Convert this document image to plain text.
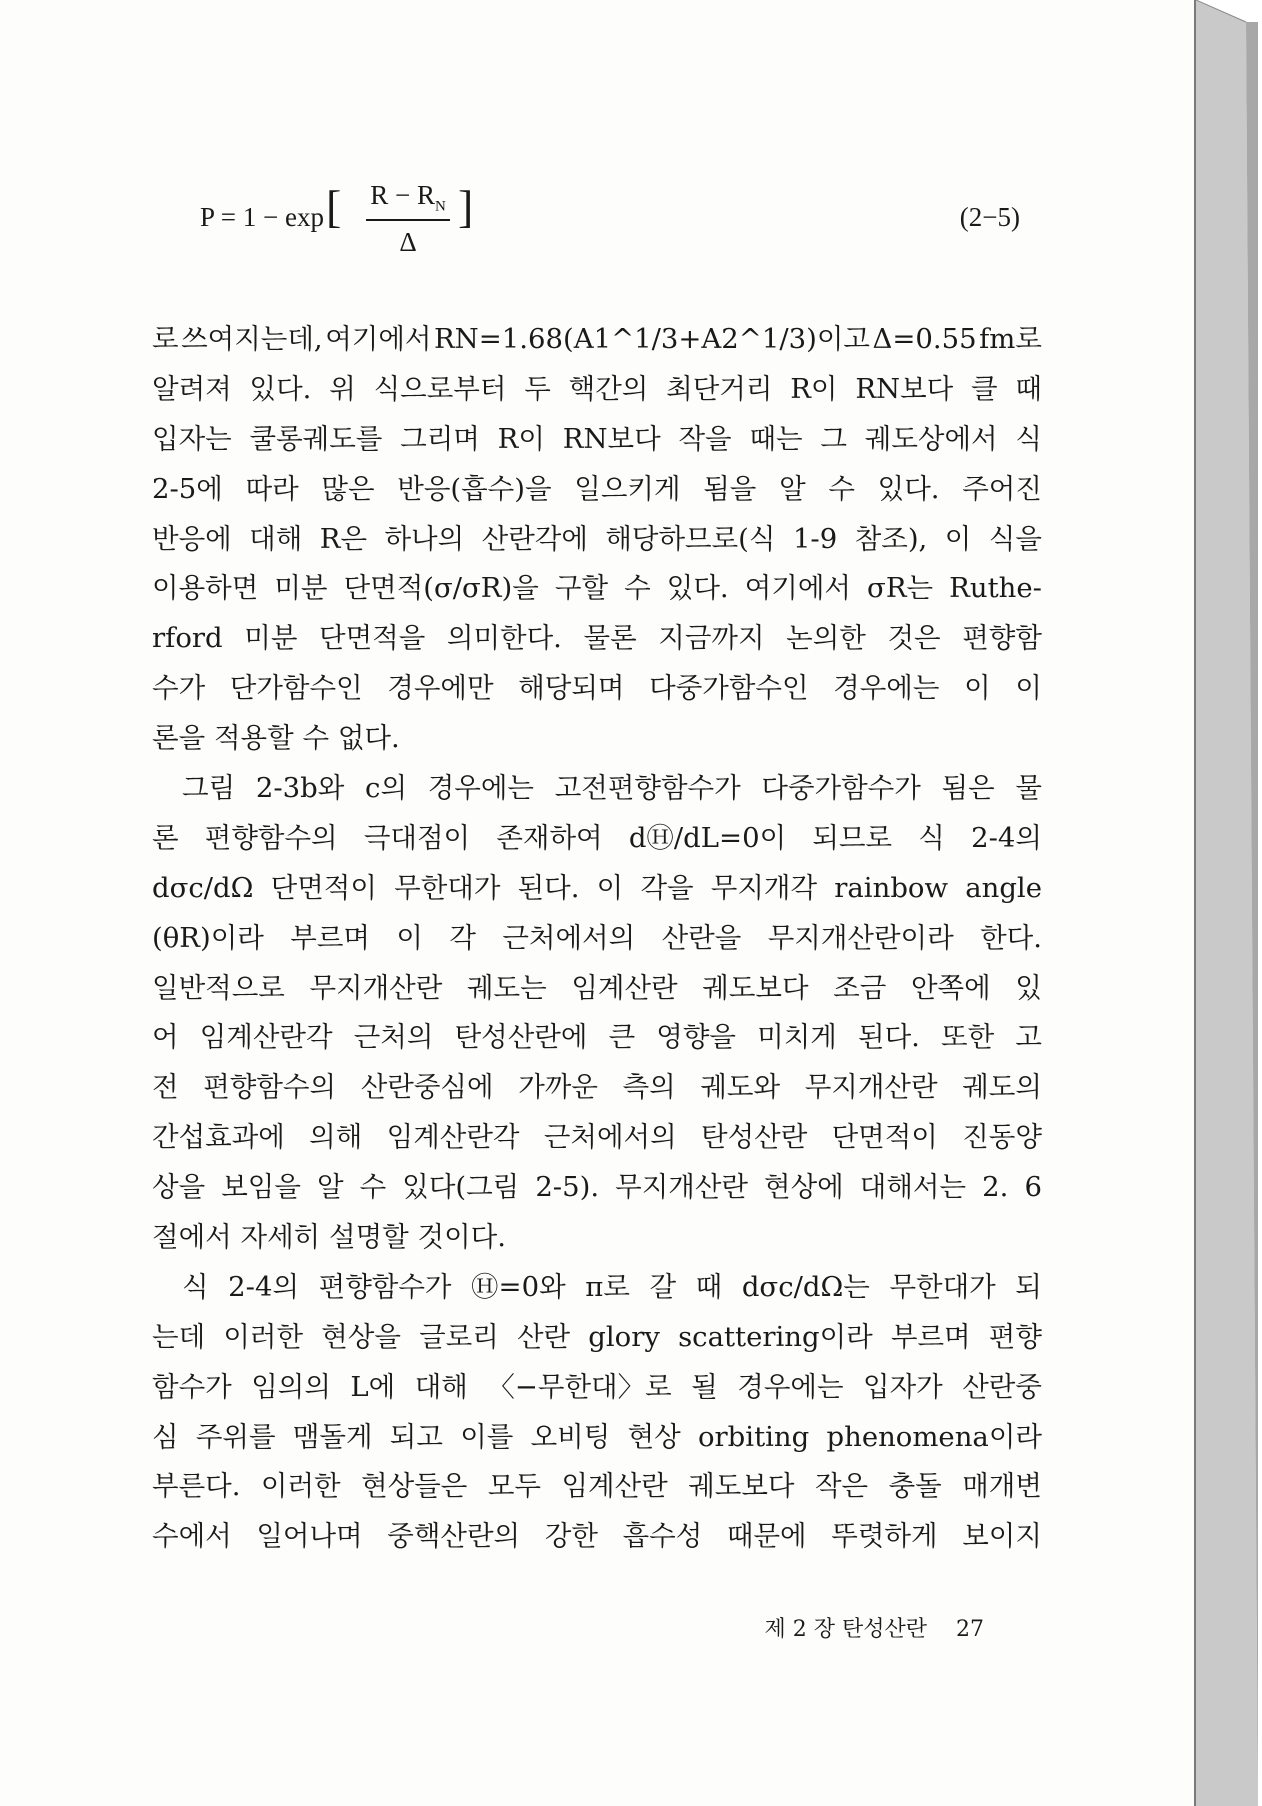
P = 1 − exp [ $R - R_N$
Δ
]	(2−5)
로 쓰여지는데, 여기에서 RN=1.68(A1^1/3+A2^1/3)이고 Δ=0.55 fm로
알려져 있다. 위 식으로부터 두 핵간의 최단거리 R이 RN보다 클 때
입자는 쿨롱궤도를 그리며 R이 RN보다 작을 때는 그 궤도상에서 식
2-5에 따라 많은 반응(흡수)을 일으키게 됨을 알 수 있다. 주어진
반응에 대해 R은 하나의 산란각에 해당하므로(식 1-9 참조), 이 식을
이용하면 미분 단면적(σ/σR)을 구할 수 있다. 여기에서 σR는 Ruthe-
rford 미분 단면적을 의미한다. 물론 지금까지 논의한 것은 편향함
수가 단가함수인 경우에만 해당되며 다중가함수인 경우에는 이 이
론을 적용할 수 없다.
그림 2-3b와 c의 경우에는 고전편향함수가 다중가함수가 됨은 물
론 편향함수의 극대점이 존재하여 dⒽ/dL=0이 되므로 식 2-4의
dσc/dΩ 단면적이 무한대가 된다. 이 각을 무지개각 rainbow angle
(θR)이라 부르며 이 각 근처에서의 산란을 무지개산란이라 한다.
일반적으로 무지개산란 궤도는 임계산란 궤도보다 조금 안쪽에 있
어 임계산란각 근처의 탄성산란에 큰 영향을 미치게 된다. 또한 고
전 편향함수의 산란중심에 가까운 측의 궤도와 무지개산란 궤도의
간섭효과에 의해 임계산란각 근처에서의 탄성산란 단면적이 진동양
상을 보임을 알 수 있다(그림 2-5). 무지개산란 현상에 대해서는 2. 6
절에서 자세히 설명할 것이다.
식 2-4의 편향함수가 Ⓗ=0와 π로 갈 때 dσc/dΩ는 무한대가 되
는데 이러한 현상을 글로리 산란 glory scattering이라 부르며 편향
함수가 임의의 L에 대해 〈−무한대〉로 될 경우에는 입자가 산란중
심 주위를 맴돌게 되고 이를 오비팅 현상 orbiting phenomena이라
부른다. 이러한 현상들은 모두 임계산란 궤도보다 작은 충돌 매개변
수에서 일어나며 중핵산란의 강한 흡수성 때문에 뚜렷하게 보이지
제 2 장 탄성산란 27
